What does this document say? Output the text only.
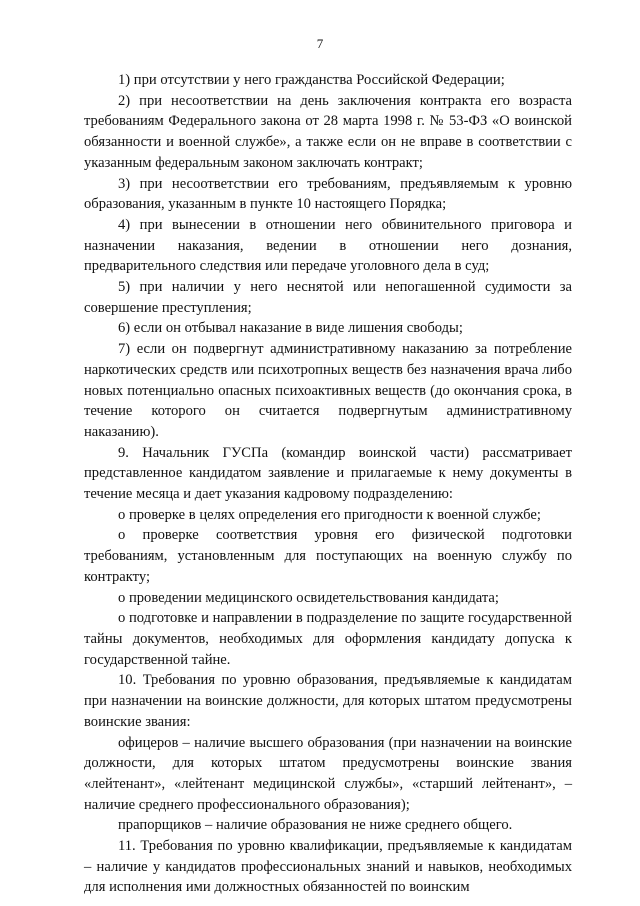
7

1) при отсутствии у него гражданства Российской Федерации;

2) при несоответствии на день заключения контракта его возраста требованиям Федерального закона от 28 марта 1998 г. № 53-ФЗ «О воинской обязанности и военной службе», а также если он не вправе в соответствии с указанным федеральным законом заключать контракт;

3) при несоответствии его требованиям, предъявляемым к уровню образования, указанным в пункте 10 настоящего Порядка;

4) при вынесении в отношении него обвинительного приговора и назначении наказания, ведении в отношении него дознания, предварительного следствия или передаче уголовного дела в суд;

5) при наличии у него неснятой или непогашенной судимости за совершение преступления;

6) если он отбывал наказание в виде лишения свободы;

7) если он подвергнут административному наказанию за потребление наркотических средств или психотропных веществ без назначения врача либо новых потенциально опасных психоактивных веществ (до окончания срока, в течение которого он считается подвергнутым административному наказанию).

9. Начальник ГУСПа (командир воинской части) рассматривает представленное кандидатом заявление и прилагаемые к нему документы в течение месяца и дает указания кадровому подразделению:

о проверке в целях определения его пригодности к военной службе;

о проверке соответствия уровня его физической подготовки требованиям, установленным для поступающих на военную службу по контракту;

о проведении медицинского освидетельствования кандидата;

о подготовке и направлении в подразделение по защите государственной тайны документов, необходимых для оформления кандидату допуска к государственной тайне.

10. Требования по уровню образования, предъявляемые к кандидатам при назначении на воинские должности, для которых штатом предусмотрены воинские звания:

офицеров – наличие высшего образования (при назначении на воинские должности, для которых штатом предусмотрены воинские звания «лейтенант», «лейтенант медицинской службы», «старший лейтенант», – наличие среднего профессионального образования);

прапорщиков – наличие образования не ниже среднего общего.

11. Требования по уровню квалификации, предъявляемые к кандидатам – наличие у кандидатов профессиональных знаний и навыков, необходимых для исполнения ими должностных обязанностей по воинским
